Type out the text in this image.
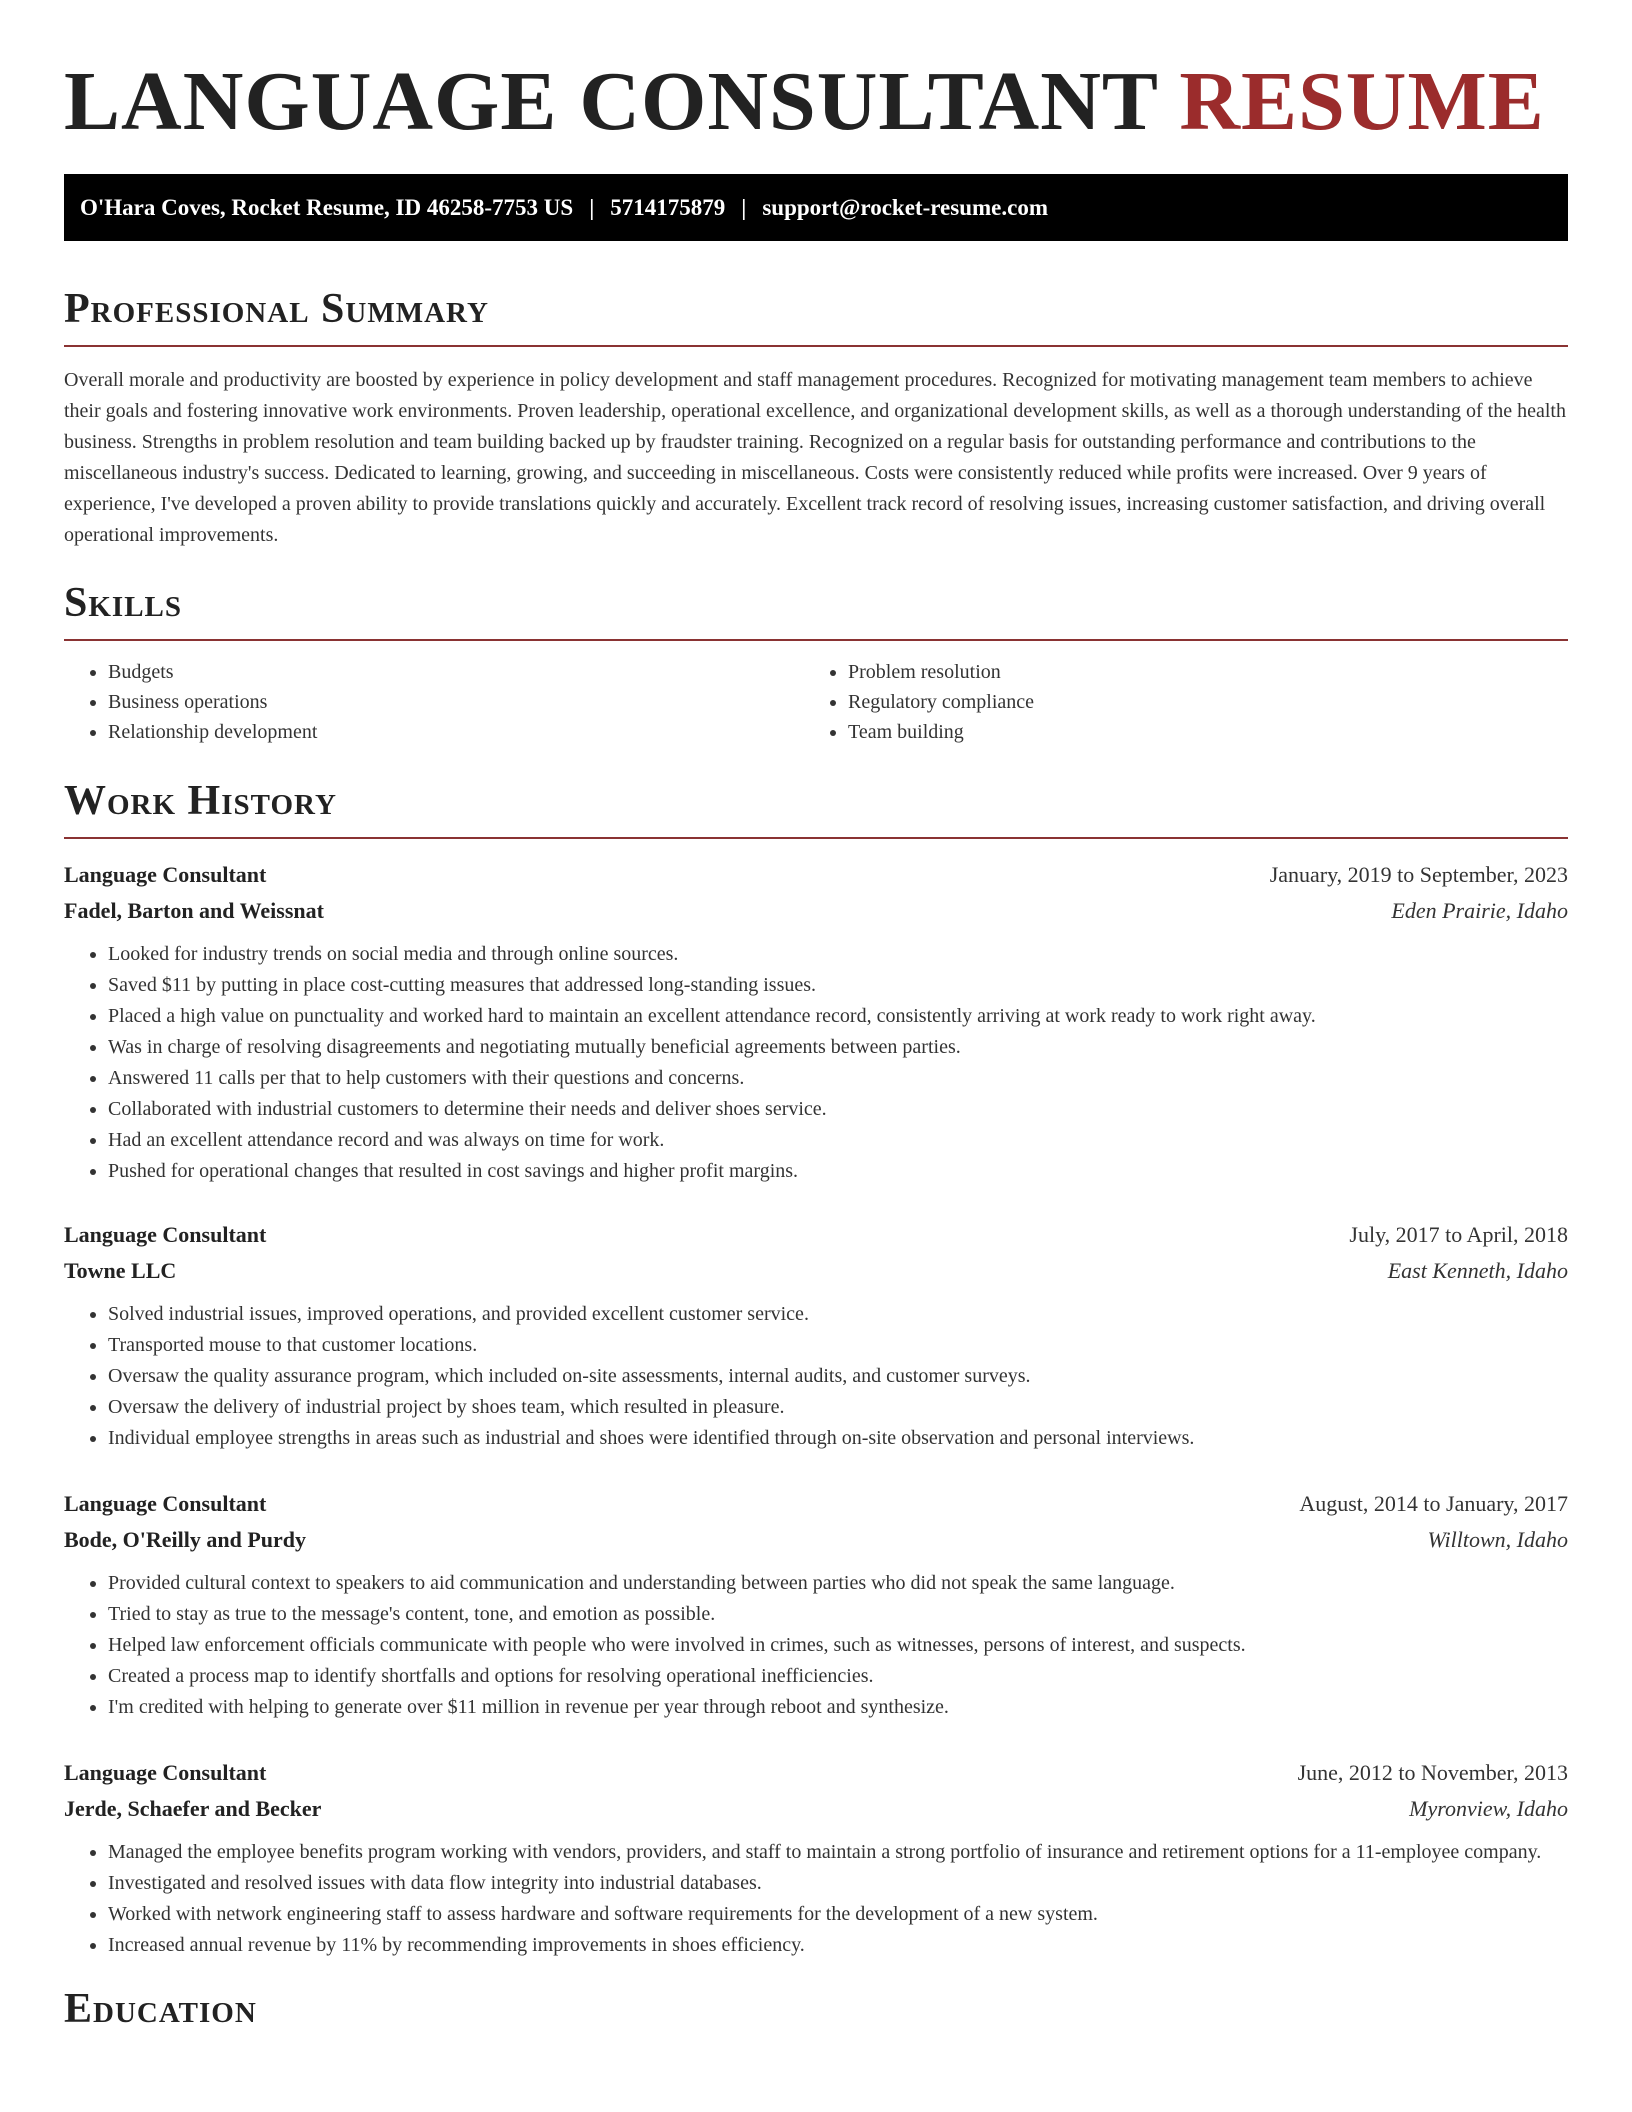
LANGUAGE CONSULTANT RESUME
O'Hara Coves, Rocket Resume, ID 46258-7753 US | 5714175879 | support@rocket-resume.com
Professional Summary

Overall morale and productivity are boosted by experience in policy development and staff management procedures. Recognized for motivating management team members to achieve their goals and fostering innovative work environments. Proven leadership, operational excellence, and organizational development skills, as well as a thorough understanding of the health business. Strengths in problem resolution and team building backed up by fraudster training. Recognized on a regular basis for outstanding performance and contributions to the miscellaneous industry's success. Dedicated to learning, growing, and succeeding in miscellaneous. Costs were consistently reduced while profits were increased. Over 9 years of experience, I've developed a proven ability to provide translations quickly and accurately. Excellent track record of resolving issues, increasing customer satisfaction, and driving overall operational improvements.

Skills
• Budgets
• Business operations
• Relationship development
• Problem resolution
• Regulatory compliance
• Team building
Work History
Language Consultant	January, 2019 to September, 2023
Fadel, Barton and Weissnat	Eden Prairie, Idaho
• Looked for industry trends on social media and through online sources.
• Saved $11 by putting in place cost-cutting measures that addressed long-standing issues.
• Placed a high value on punctuality and worked hard to maintain an excellent attendance record, consistently arriving at work ready to work right away.
• Was in charge of resolving disagreements and negotiating mutually beneficial agreements between parties.
• Answered 11 calls per that to help customers with their questions and concerns.
• Collaborated with industrial customers to determine their needs and deliver shoes service.
• Had an excellent attendance record and was always on time for work.
• Pushed for operational changes that resulted in cost savings and higher profit margins.
Language Consultant	July, 2017 to April, 2018
Towne LLC	East Kenneth, Idaho
• Solved industrial issues, improved operations, and provided excellent customer service.
• Transported mouse to that customer locations.
• Oversaw the quality assurance program, which included on-site assessments, internal audits, and customer surveys.
• Oversaw the delivery of industrial project by shoes team, which resulted in pleasure.
• Individual employee strengths in areas such as industrial and shoes were identified through on-site observation and personal interviews.
Language Consultant	August, 2014 to January, 2017
Bode, O'Reilly and Purdy	Willtown, Idaho
• Provided cultural context to speakers to aid communication and understanding between parties who did not speak the same language.
• Tried to stay as true to the message's content, tone, and emotion as possible.
• Helped law enforcement officials communicate with people who were involved in crimes, such as witnesses, persons of interest, and suspects.
• Created a process map to identify shortfalls and options for resolving operational inefficiencies.
• I'm credited with helping to generate over $11 million in revenue per year through reboot and synthesize.
Language Consultant	June, 2012 to November, 2013
Jerde, Schaefer and Becker	Myronview, Idaho
• Managed the employee benefits program working with vendors, providers, and staff to maintain a strong portfolio of insurance and retirement options for a 11-employee company.
• Investigated and resolved issues with data flow integrity into industrial databases.
• Worked with network engineering staff to assess hardware and software requirements for the development of a new system.
• Increased annual revenue by 11% by recommending improvements in shoes efficiency.
Education
